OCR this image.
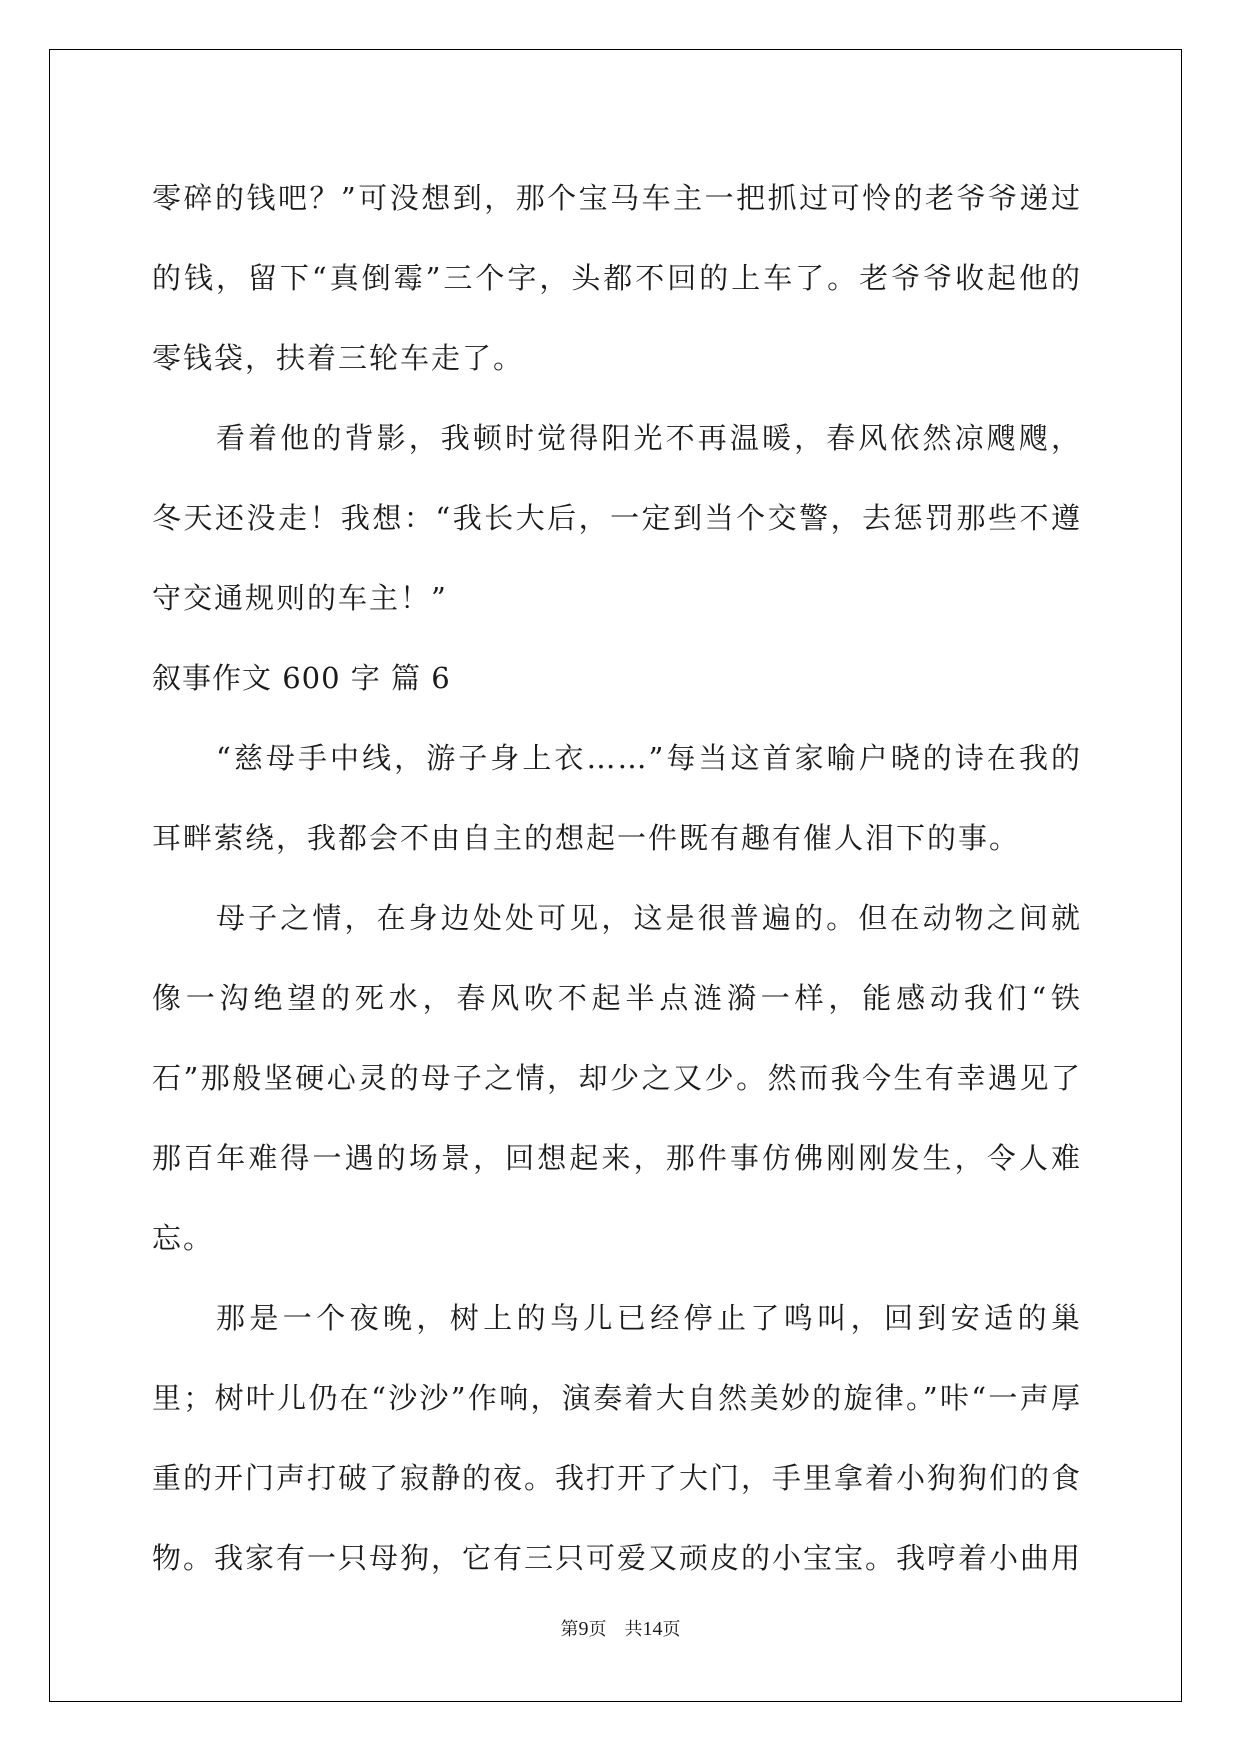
零碎的钱吧？”可没想到，那个宝马车主一把抓过可怜的老爷爷递过的钱，留下“真倒霉”三个字，头都不回的上车了。老爷爷收起他的零钱袋，扶着三轮车走了。

看着他的背影，我顿时觉得阳光不再温暖，春风依然凉飕飕，冬天还没走！我想：“我长大后，一定到当个交警，去惩罚那些不遵守交通规则的车主！”

叙事作文 600 字 篇 6

“慈母手中线，游子身上衣……”每当这首家喻户晓的诗在我的耳畔萦绕，我都会不由自主的想起一件既有趣有催人泪下的事。

母子之情，在身边处处可见，这是很普遍的。但在动物之间就像一沟绝望的死水，春风吹不起半点涟漪一样，能感动我们“铁石”那般坚硬心灵的母子之情，却少之又少。然而我今生有幸遇见了那百年难得一遇的场景，回想起来，那件事仿佛刚刚发生，令人难忘。

那是一个夜晚，树上的鸟儿已经停止了鸣叫，回到安适的巢里；树叶儿仍在“沙沙”作响，演奏着大自然美妙的旋律。”咔“一声厚重的开门声打破了寂静的夜。我打开了大门，手里拿着小狗狗们的食物。我家有一只母狗，它有三只可爱又顽皮的小宝宝。我哼着小曲用

第9页 共14页
